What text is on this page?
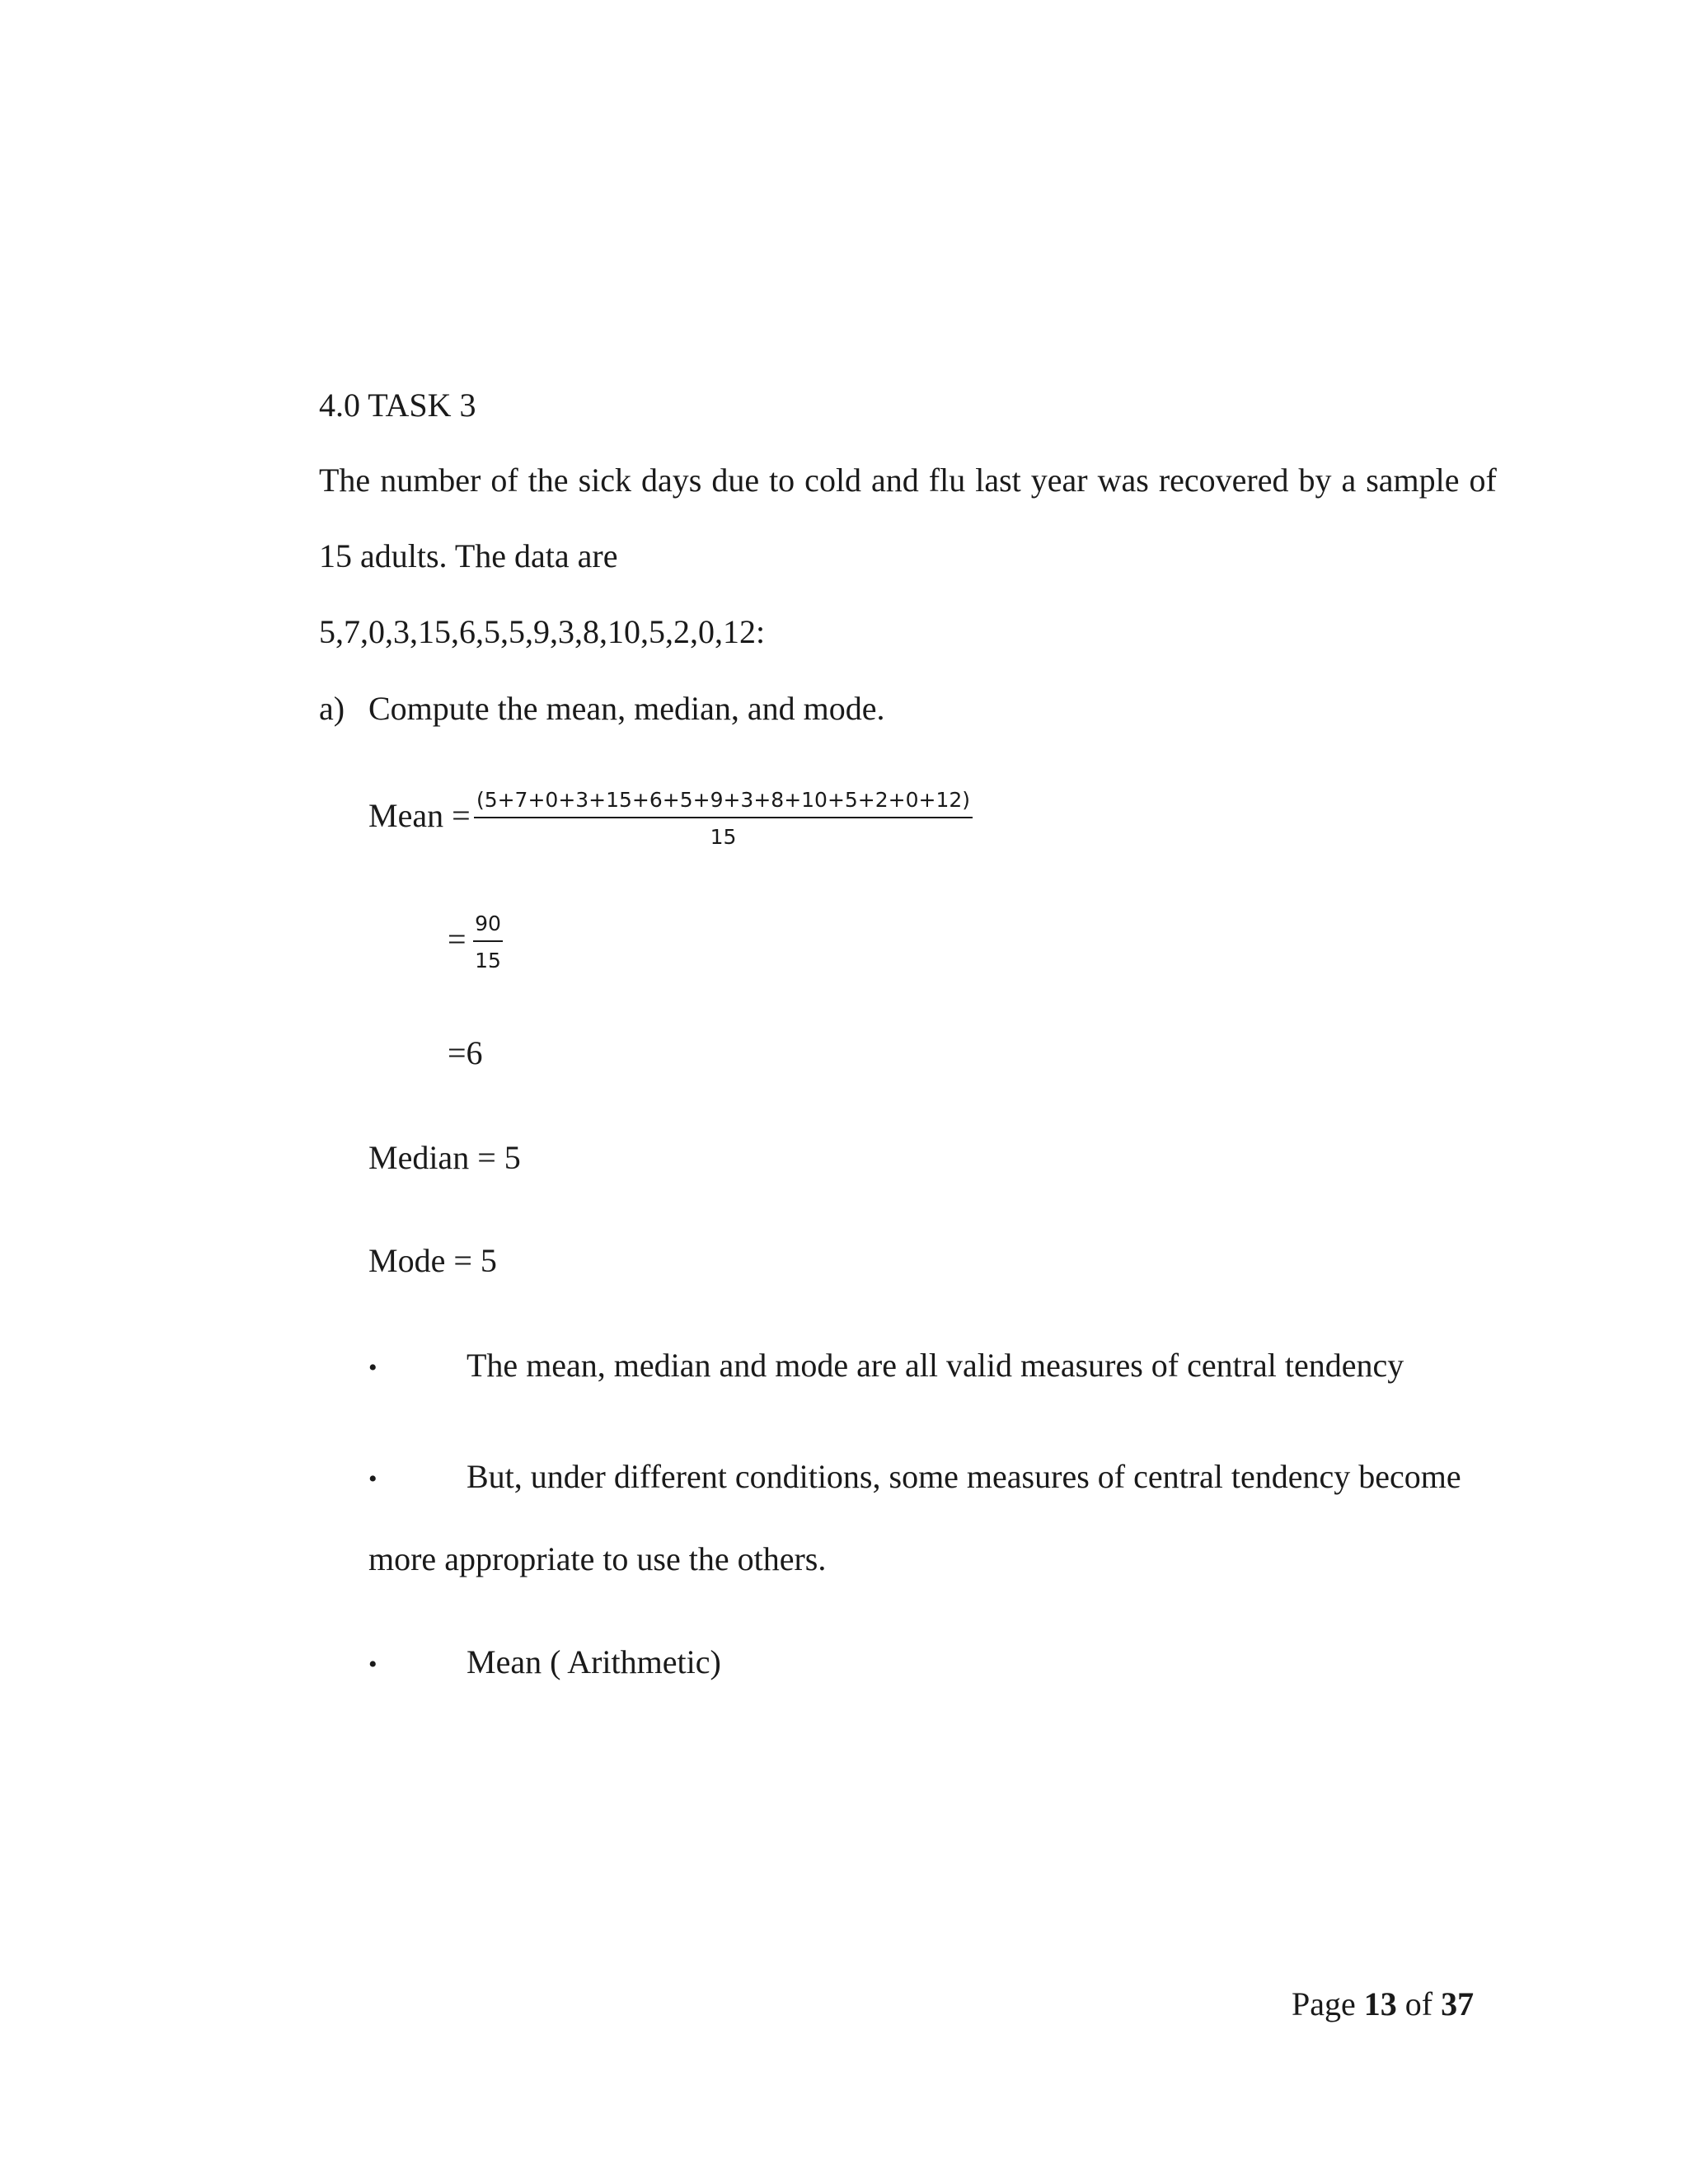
4.0 TASK 3
The number of the sick days due to cold and flu last year was recovered by a sample of
15 adults. The data are
5,7,0,3,15,6,5,5,9,3,8,10,5,2,0,12:
a) Compute the mean, median, and mode.
Mean = (5+7+0+3+15+6+5+9+3+8+10+5+2+0+12)
15
= 90
15
=6
Median = 5
Mode = 5
•	The mean, median and mode are all valid measures of central tendency
•	But, under different conditions, some measures of central tendency become
more appropriate to use the others.
•	Mean ( Arithmetic)
Page 13 of 37
